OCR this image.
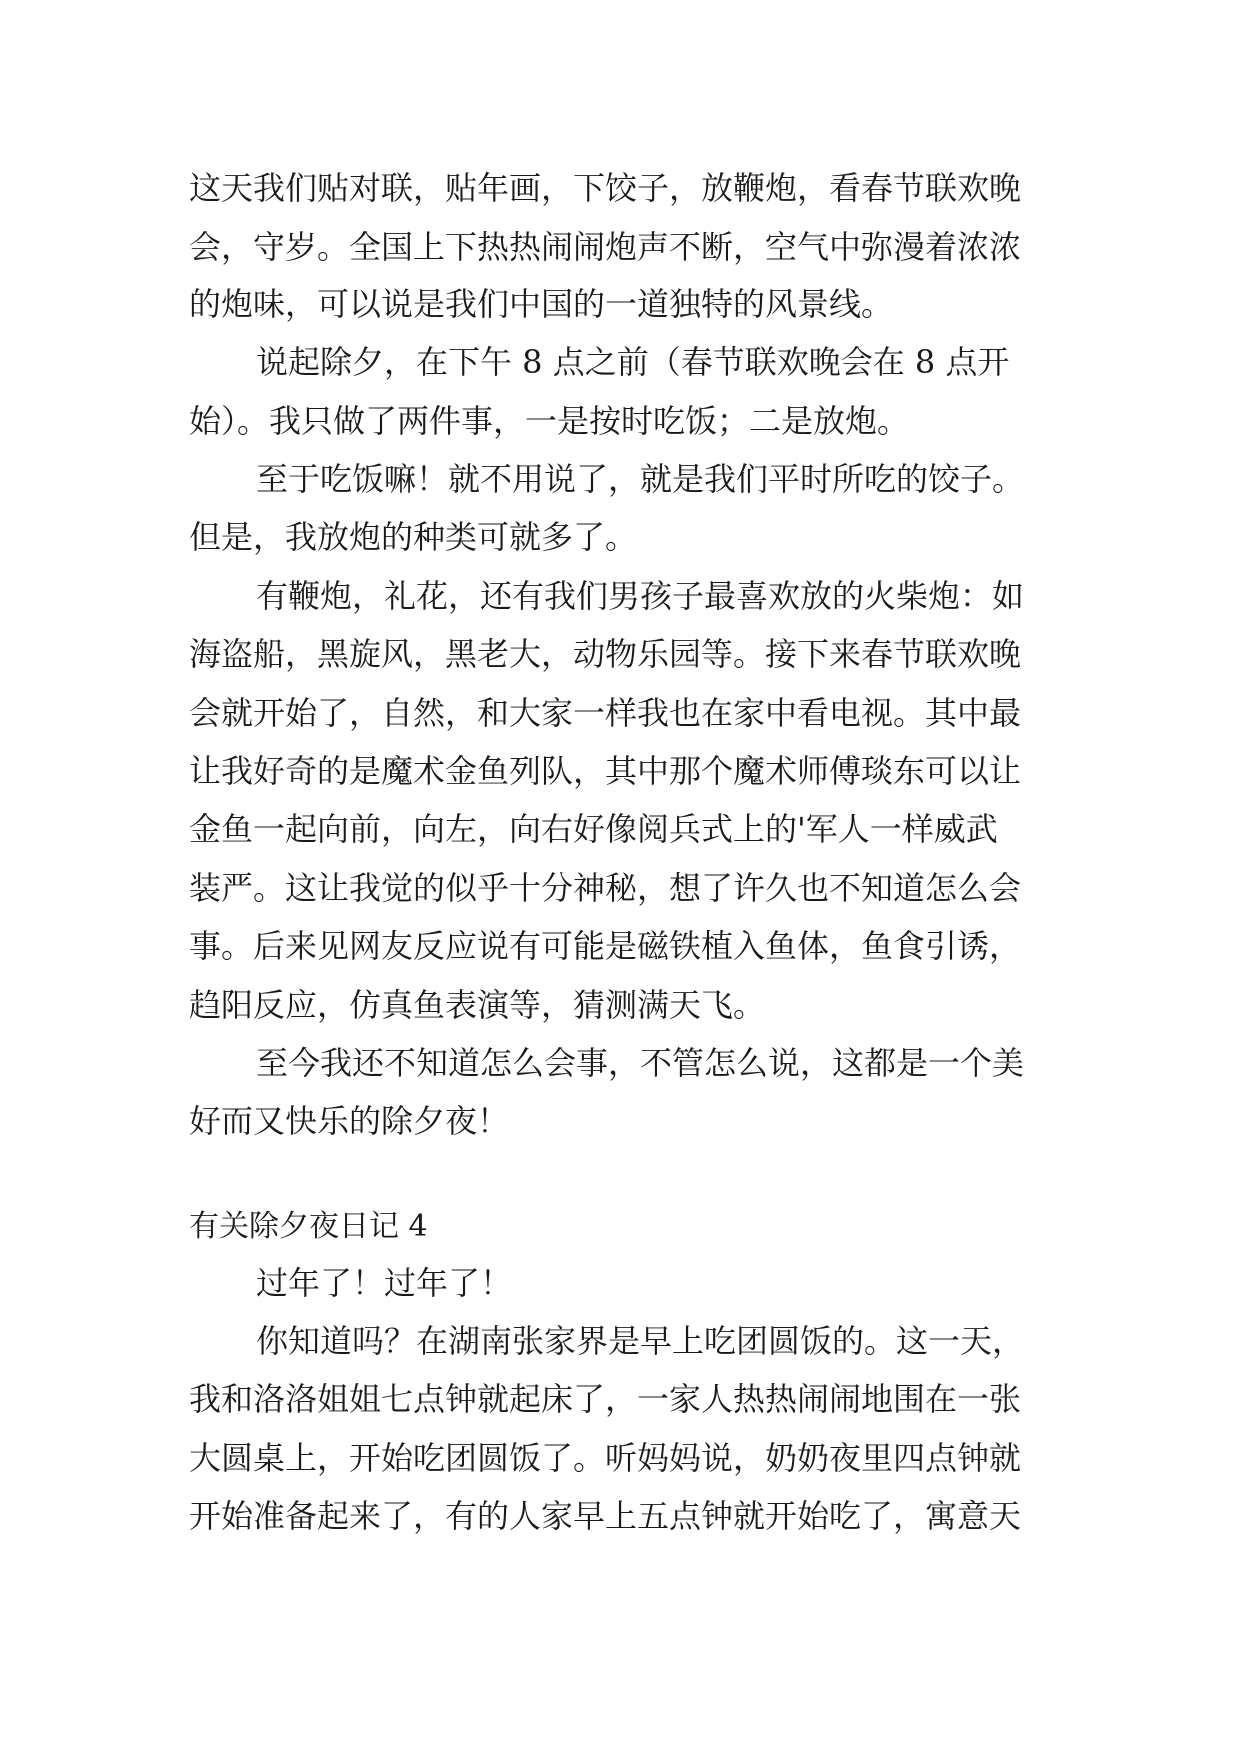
这天我们贴对联，贴年画，下饺子，放鞭炮，看春节联欢晚
会，守岁。全国上下热热闹闹炮声不断，空气中弥漫着浓浓
的炮味，可以说是我们中国的一道独特的风景线。
说起除夕，在下午 8 点之前（春节联欢晚会在 8 点开
始）。我只做了两件事，一是按时吃饭；二是放炮。
至于吃饭嘛！就不用说了，就是我们平时所吃的饺子。
但是，我放炮的种类可就多了。
有鞭炮，礼花，还有我们男孩子最喜欢放的火柴炮：如
海盗船，黑旋风，黑老大，动物乐园等。接下来春节联欢晚
会就开始了，自然，和大家一样我也在家中看电视。其中最
让我好奇的是魔术金鱼列队，其中那个魔术师傅琰东可以让
金鱼一起向前，向左，向右好像阅兵式上的'军人一样威武
装严。这让我觉的似乎十分神秘，想了许久也不知道怎么会
事。后来见网友反应说有可能是磁铁植入鱼体，鱼食引诱，
趋阳反应，仿真鱼表演等，猜测满天飞。
至今我还不知道怎么会事，不管怎么说，这都是一个美
好而又快乐的除夕夜！
有关除夕夜日记 4
过年了！过年了！
你知道吗？在湖南张家界是早上吃团圆饭的。这一天，
我和洛洛姐姐七点钟就起床了，一家人热热闹闹地围在一张
大圆桌上，开始吃团圆饭了。听妈妈说，奶奶夜里四点钟就
开始准备起来了，有的人家早上五点钟就开始吃了，寓意天
